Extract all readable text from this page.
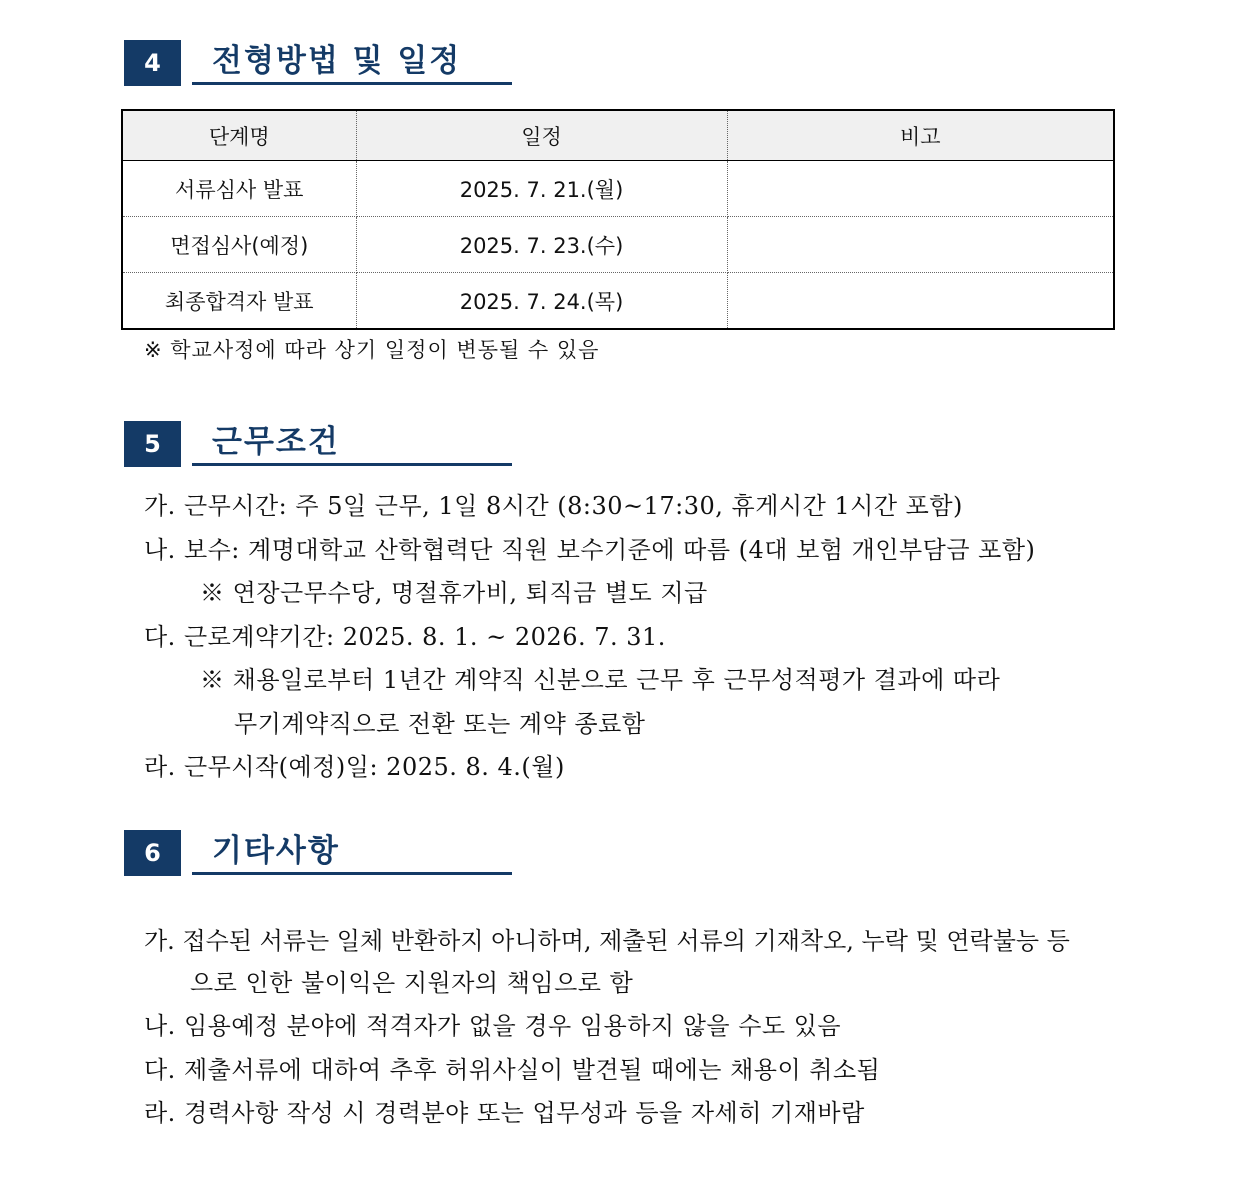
4	전형방법 및 일정
단계명	일정	비고
서류심사 발표	2025. 7. 21.(월)	
면접심사(예정)	2025. 7. 23.(수)	
최종합격자 발표	2025. 7. 24.(목)	
※ 학교사정에 따라 상기 일정이 변동될 수 있음
5	근무조건
가. 근무시간: 주 5일 근무, 1일 8시간 (8:30~17:30, 휴게시간 1시간 포함)
나. 보수: 계명대학교 산학협력단 직원 보수기준에 따름 (4대 보험 개인부담금 포함)
※ 연장근무수당, 명절휴가비, 퇴직금 별도 지급
다. 근로계약기간: 2025. 8. 1. ~ 2026. 7. 31.
※ 채용일로부터 1년간 계약직 신분으로 근무 후 근무성적평가 결과에 따라
무기계약직으로 전환 또는 계약 종료함
라. 근무시작(예정)일: 2025. 8. 4.(월)
6	기타사항
가. 접수된 서류는 일체 반환하지 아니하며, 제출된 서류의 기재착오, 누락 및 연락불능 등
으로 인한 불이익은 지원자의 책임으로 함
나. 임용예정 분야에 적격자가 없을 경우 임용하지 않을 수도 있음
다. 제출서류에 대하여 추후 허위사실이 발견될 때에는 채용이 취소됨
라. 경력사항 작성 시 경력분야 또는 업무성과 등을 자세히 기재바람
